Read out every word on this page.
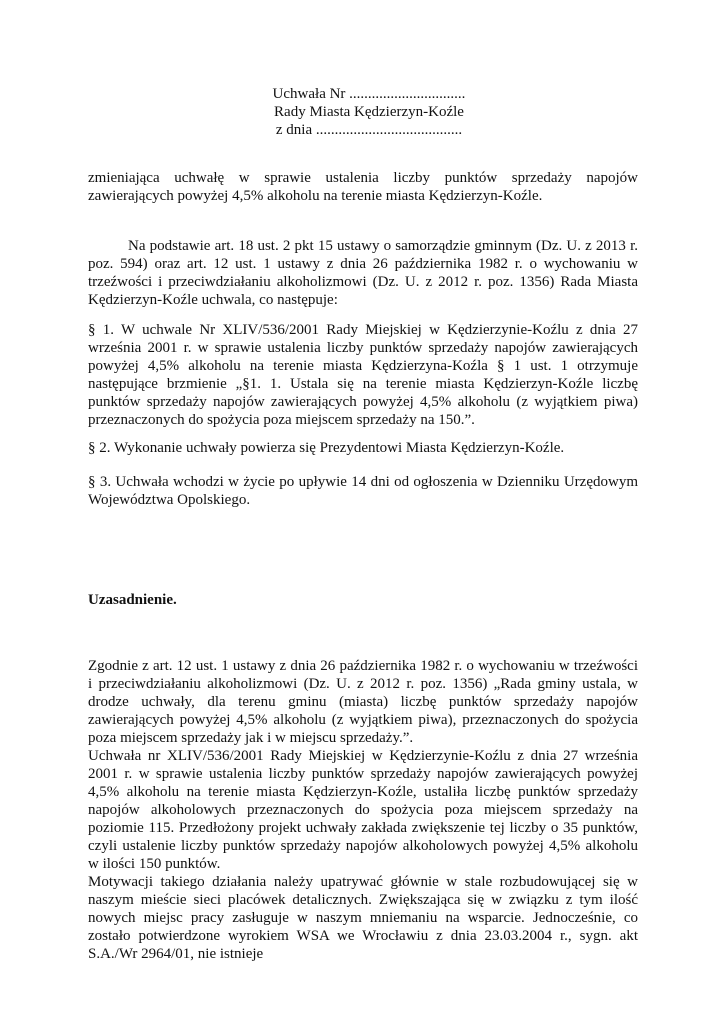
Uchwała Nr ...............................
Rady Miasta Kędzierzyn-Koźle
z dnia .......................................

zmieniająca uchwałę w sprawie ustalenia liczby punktów sprzedaży napojów zawierających powyżej 4,5% alkoholu na terenie miasta Kędzierzyn-Koźle.

Na podstawie art. 18 ust. 2 pkt 15 ustawy o samorządzie gminnym (Dz. U. z 2013 r. poz. 594) oraz art. 12 ust. 1 ustawy z dnia 26 października 1982 r. o wychowaniu w trzeźwości i przeciwdziałaniu alkoholizmowi (Dz. U. z 2012 r. poz. 1356) Rada Miasta Kędzierzyn-Koźle uchwala, co następuje:

§ 1. W uchwale Nr XLIV/536/2001 Rady Miejskiej w Kędzierzynie-Koźlu z dnia 27 września 2001 r. w sprawie ustalenia liczby punktów sprzedaży napojów zawierających powyżej 4,5% alkoholu na terenie miasta Kędzierzyna-Koźla § 1 ust. 1 otrzymuje następujące brzmienie „§1. 1. Ustala się na terenie miasta Kędzierzyn-Koźle liczbę punktów sprzedaży napojów zawierających powyżej 4,5% alkoholu (z wyjątkiem piwa) przeznaczonych do spożycia poza miejscem sprzedaży na 150.”.

§ 2. Wykonanie uchwały powierza się Prezydentowi Miasta Kędzierzyn-Koźle.

§ 3. Uchwała wchodzi w życie po upływie 14 dni od ogłoszenia w Dzienniku Urzędowym Województwa Opolskiego.

Uzasadnienie.

Zgodnie z art. 12 ust. 1 ustawy z dnia 26 października 1982 r. o wychowaniu w trzeźwości i przeciwdziałaniu alkoholizmowi (Dz. U. z 2012 r. poz. 1356) „Rada gminy ustala, w drodze uchwały, dla terenu gminu (miasta) liczbę punktów sprzedaży napojów zawierających powyżej 4,5% alkoholu (z wyjątkiem piwa), przeznaczonych do spożycia poza miejscem sprzedaży jak i w miejscu sprzedaży.”.

Uchwała nr XLIV/536/2001 Rady Miejskiej w Kędzierzynie-Koźlu z dnia 27 września 2001 r. w sprawie ustalenia liczby punktów sprzedaży napojów zawierających powyżej 4,5% alkoholu na terenie miasta Kędzierzyn-Koźle, ustaliła liczbę punktów sprzedaży napojów alkoholowych przeznaczonych do spożycia poza miejscem sprzedaży na poziomie 115. Przedłożony projekt uchwały zakłada zwiększenie tej liczby o 35 punktów, czyli ustalenie liczby punktów sprzedaży napojów alkoholowych powyżej 4,5% alkoholu w ilości 150 punktów.

Motywacji takiego działania należy upatrywać głównie w stale rozbudowującej się w naszym mieście sieci placówek detalicznych. Zwiększająca się w związku z tym ilość nowych miejsc pracy zasługuje w naszym mniemaniu na wsparcie. Jednocześnie, co zostało potwierdzone wyrokiem WSA we Wrocławiu z dnia 23.03.2004 r., sygn. akt S.A./Wr 2964/01, nie istnieje
